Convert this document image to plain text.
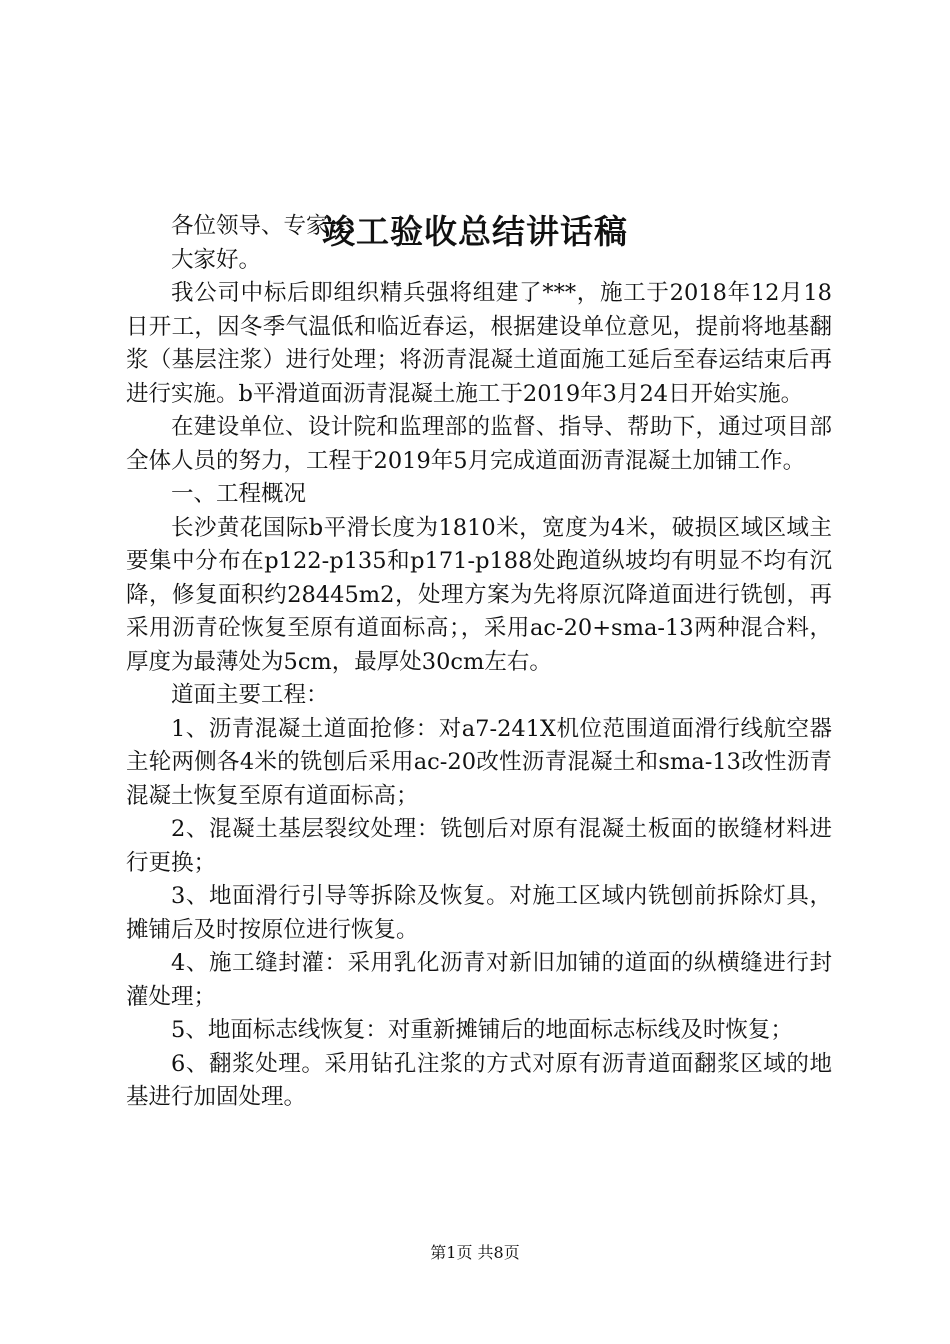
竣工验收总结讲话稿

各位领导、专家：

大家好。

我公司中标后即组织精兵强将组建了***，施工于2018年12月18日开工，因冬季气温低和临近春运，根据建设单位意见，提前将地基翻浆（基层注浆）进行处理；将沥青混凝土道面施工延后至春运结束后再进行实施。b平滑道面沥青混凝土施工于2019年3月24日开始实施。

在建设单位、设计院和监理部的监督、指导、帮助下，通过项目部全体人员的努力，工程于2019年5月完成道面沥青混凝土加铺工作。

一、工程概况

长沙黄花国际b平滑长度为1810米，宽度为4米，破损区域区域主要集中分布在p122-p135和p171-p188处跑道纵坡均有明显不均有沉降，修复面积约28445m2，处理方案为先将原沉降道面进行铣刨，再采用沥青砼恢复至原有道面标高；，采用ac-20+sma-13两种混合料，厚度为最薄处为5cm，最厚处30cm左右。

道面主要工程：

1、沥青混凝土道面抢修：对a7-241X机位范围道面滑行线航空器主轮两侧各4米的铣刨后采用ac-20改性沥青混凝土和sma-13改性沥青混凝土恢复至原有道面标高；

2、混凝土基层裂纹处理：铣刨后对原有混凝土板面的嵌缝材料进行更换；

3、地面滑行引导等拆除及恢复。对施工区域内铣刨前拆除灯具，摊铺后及时按原位进行恢复。

4、施工缝封灌：采用乳化沥青对新旧加铺的道面的纵横缝进行封灌处理；

5、地面标志线恢复：对重新摊铺后的地面标志标线及时恢复；

6、翻浆处理。采用钻孔注浆的方式对原有沥青道面翻浆区域的地基进行加固处理。

第1页 共8页
